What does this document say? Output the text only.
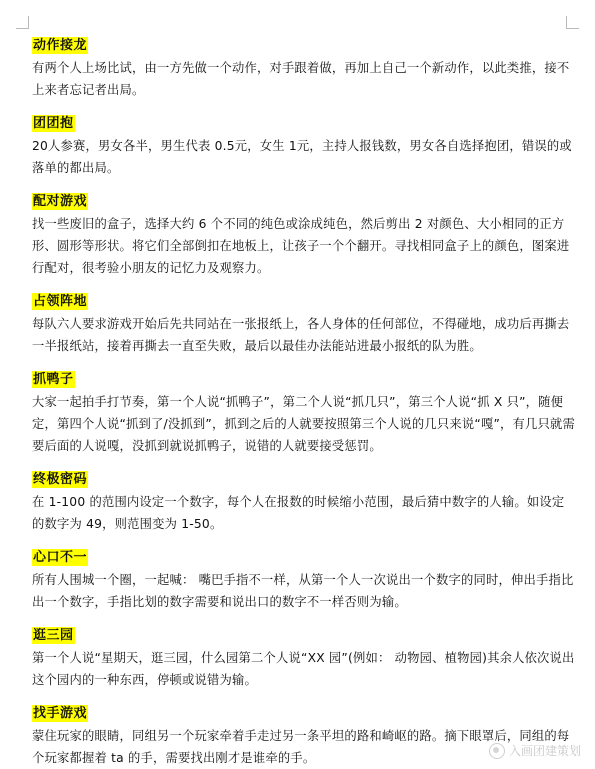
动作接龙
有两个人上场比试，由一方先做一个动作，对手跟着做，再加上自己一个新动作，以此类推，接不上来者忘记者出局。
团团抱
20人参赛，男女各半，男生代表 0.5元，女生 1元，主持人报钱数，男女各自选择抱团，错误的或落单的都出局。
配对游戏
找一些废旧的盒子，选择大约 6 个不同的纯色或涂成纯色，然后剪出 2 对颜色、大小相同的正方形、圆形等形状。将它们全部倒扣在地板上，让孩子一个个翻开。寻找相同盒子上的颜色，图案进行配对，很考验小朋友的记忆力及观察力。
占领阵地
每队六人要求游戏开始后先共同站在一张报纸上，各人身体的任何部位，不得碰地，成功后再撕去一半报纸站，接着再撕去一直至失败，最后以最佳办法能站进最小报纸的队为胜。
抓鸭子
大家一起拍手打节奏，第一个人说“抓鸭子”，第二个人说“抓几只”，第三个人说“抓 X 只”，随便定，第四个人说“抓到了/没抓到”，抓到之后的人就要按照第三个人说的几只来说“嘎”，有几只就需要后面的人说嘎，没抓到就说抓鸭子，说错的人就要接受惩罚。
终极密码
在 1-100 的范围内设定一个数字，每个人在报数的时候缩小范围，最后猜中数字的人输。如设定的数字为 49，则范围变为 1-50。
心口不一
所有人围城一个圈，一起喊： 嘴巴手指不一样，从第一个人一次说出一个数字的同时，伸出手指比出一个数字，手指比划的数字需要和说出口的数字不一样否则为输。
逛三园
第一个人说“星期天，逛三园，什么园第二个人说“XX 园”(例如： 动物园、植物园)其余人依次说出这个园内的一种东西，停顿或说错为输。
找手游戏
蒙住玩家的眼睛，同组另一个玩家牵着手走过另一条平坦的路和崎岖的路。摘下眼罩后，同组的每个玩家都握着 ta 的手，需要找出刚才是谁牵的手。	入画团建策划
